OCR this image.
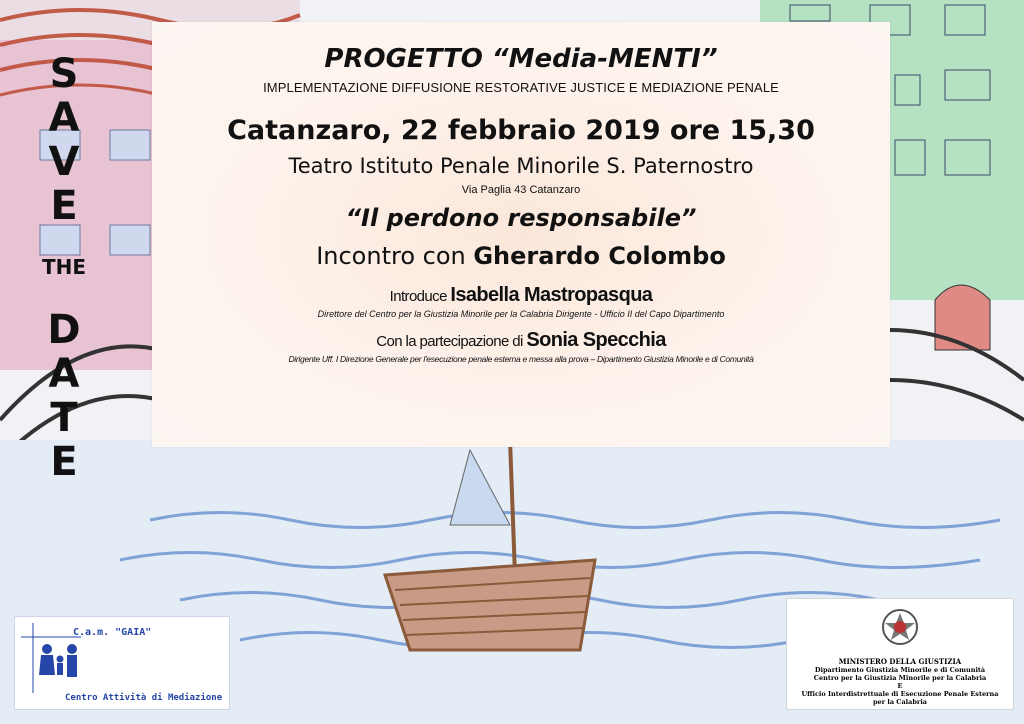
S
A
V
E
THE
D
A
T
E
PROGETTO “Media-MENTI”
IMPLEMENTAZIONE DIFFUSIONE RESTORATIVE JUSTICE E MEDIAZIONE PENALE
Catanzaro, 22 febbraio 2019 ore 15,30
Teatro Istituto Penale Minorile S. Paternostro
Via Paglia 43 Catanzaro
“Il perdono responsabile”
Incontro con Gherardo Colombo
Introduce Isabella Mastropasqua
Direttore del Centro per la Giustizia Minorile per la Calabria Dirigente - Ufficio II del Capo Dipartimento
Con la partecipazione di Sonia Specchia
Dirigente Uff. I Direzione Generale per l'esecuzione penale esterna e messa alla prova – Dipartimento Giustizia Minorile e di Comunità
C.a.m. "GAIA"
Centro Attività di Mediazione
MINISTERO DELLA GIUSTIZIA
Dipartimento Giustizia Minorile e di Comunità
Centro per la Giustizia Minorile per la Calabria
E
Ufficio Interdistrettuale di Esecuzione Penale Esterna
per la Calabria
